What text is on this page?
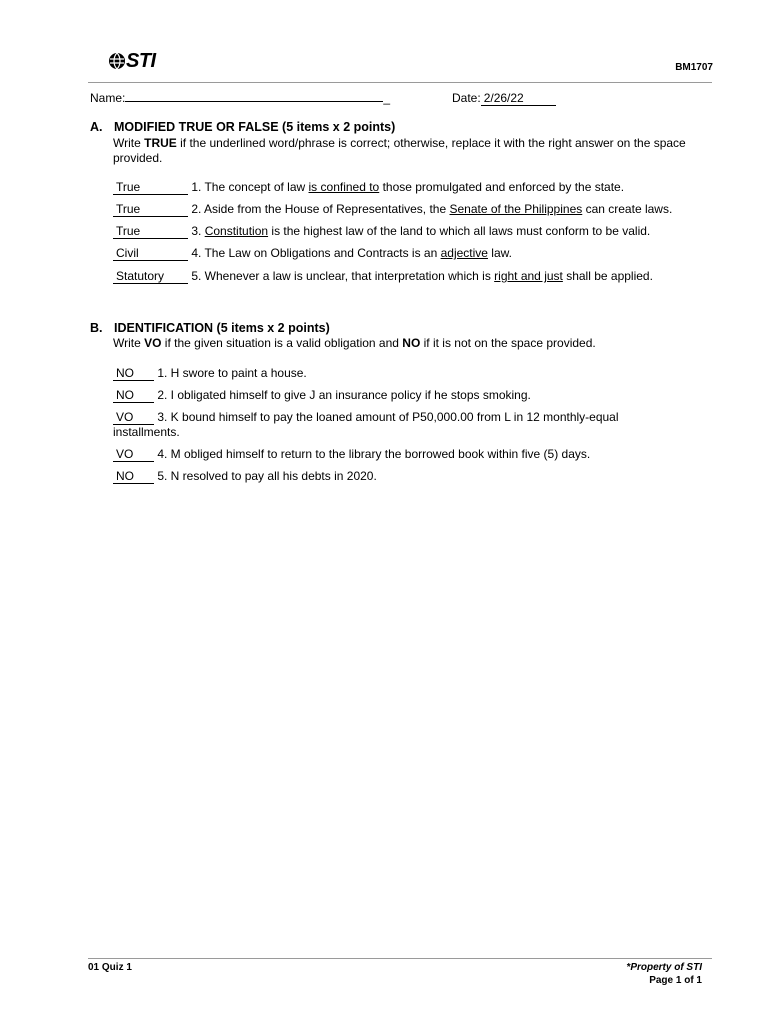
STI	BM1707
Name:	_	Date: 2/26/22
A. MODIFIED TRUE OR FALSE (5 items x 2 points)
Write TRUE if the underlined word/phrase is correct; otherwise, replace it with the right answer on the space provided.
True	1. The concept of law is confined to those promulgated and enforced by the state.
True	2. Aside from the House of Representatives, the Senate of the Philippines can create laws.
True	3. Constitution is the highest law of the land to which all laws must conform to be valid.
Civil	4. The Law on Obligations and Contracts is an adjective law.
Statutory 5. Whenever a law is unclear, that interpretation which is right and just shall be applied.
B. IDENTIFICATION (5 items x 2 points)
Write VO if the given situation is a valid obligation and NO if it is not on the space provided.
NO 1. H swore to paint a house.
NO 2. I obligated himself to give J an insurance policy if he stops smoking.
VO 3. K bound himself to pay the loaned amount of P50,000.00 from L in 12 monthly-equal
installments.
VO 4. M obliged himself to return to the library the borrowed book within five (5) days.
NO 5. N resolved to pay all his debts in 2020.
01 Quiz 1	*Property of STI
Page 1 of 1
